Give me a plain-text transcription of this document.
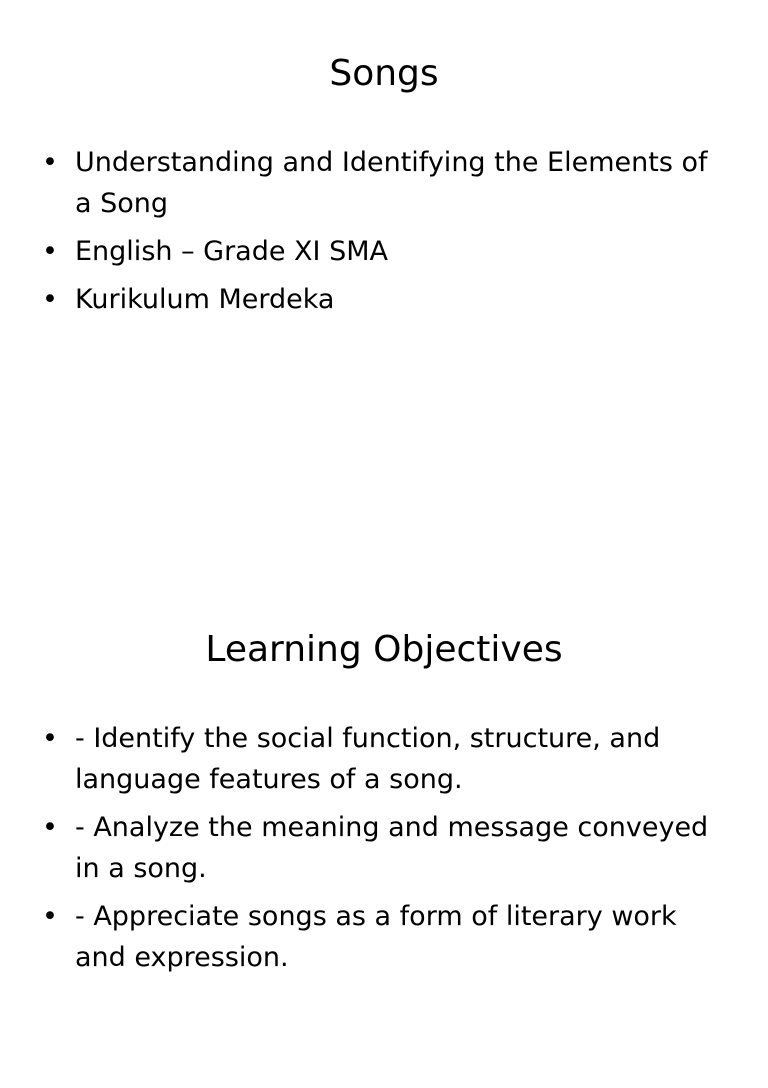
Songs
• Understanding and Identifying the Elements of a Song
• English – Grade XI SMA
• Kurikulum Merdeka
Learning Objectives
• - Identify the social function, structure, and language features of a song.
• - Analyze the meaning and message conveyed in a song.
• - Appreciate songs as a form of literary work and expression.
